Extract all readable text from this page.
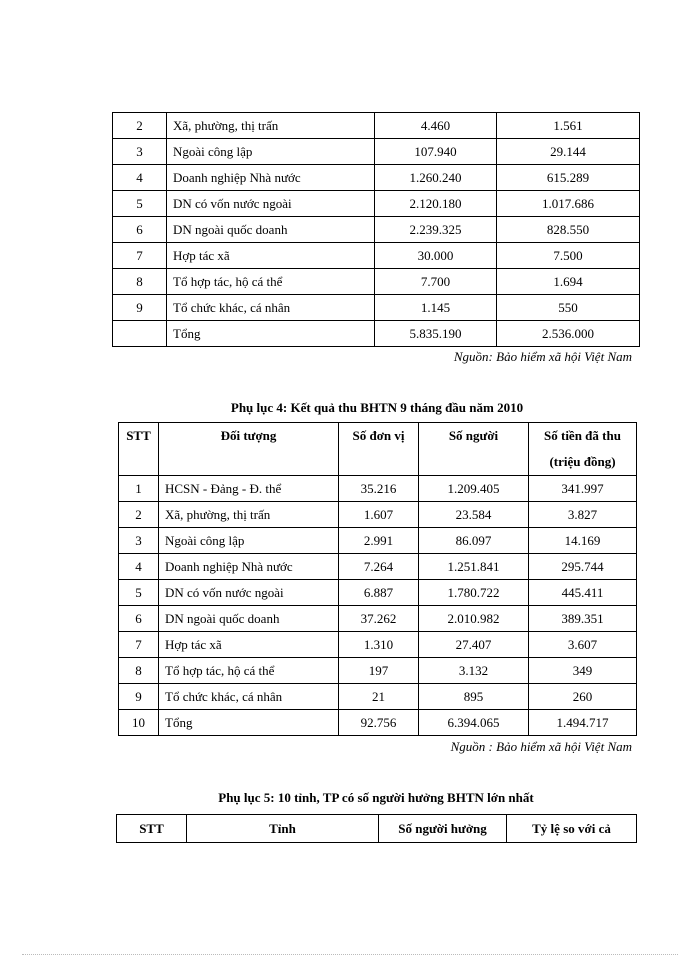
2	Xã, phường, thị trấn	4.460	1.561
3	Ngoài công lập	107.940	29.144
4	Doanh nghiệp Nhà nước	1.260.240	615.289
5	DN có vốn nước ngoài	2.120.180	1.017.686
6	DN ngoài quốc doanh	2.239.325	828.550
7	Hợp tác xã	30.000	7.500
8	Tổ hợp tác, hộ cá thể	7.700	1.694
9	Tổ chức khác, cá nhân	1.145	550
	Tổng	5.835.190	2.536.000
Nguồn: Bảo hiểm xã hội Việt Nam
Phụ lục 4: Kết quả thu BHTN 9 tháng đầu năm 2010
STT	Đối tượng	Số đơn vị	Số người	Số tiền đã thu
(triệu đồng)

1	HCSN - Đảng - Đ. thể	35.216	1.209.405	341.997
2	Xã, phường, thị trấn	1.607	23.584	3.827
3	Ngoài công lập	2.991	86.097	14.169
4	Doanh nghiệp Nhà nước	7.264	1.251.841	295.744
5	DN có vốn nước ngoài	6.887	1.780.722	445.411
6	DN ngoài quốc doanh	37.262	2.010.982	389.351
7	Hợp tác xã	1.310	27.407	3.607
8	Tổ hợp tác, hộ cá thể	197	3.132	349
9	Tổ chức khác, cá nhân	21	895	260
10	Tổng	92.756	6.394.065	1.494.717
Nguồn : Bảo hiểm xã hội Việt Nam
Phụ lục 5: 10 tỉnh, TP có số người hưởng BHTN lớn nhất
STT	Tỉnh	Số người hưởng	Tỷ lệ so với cả
